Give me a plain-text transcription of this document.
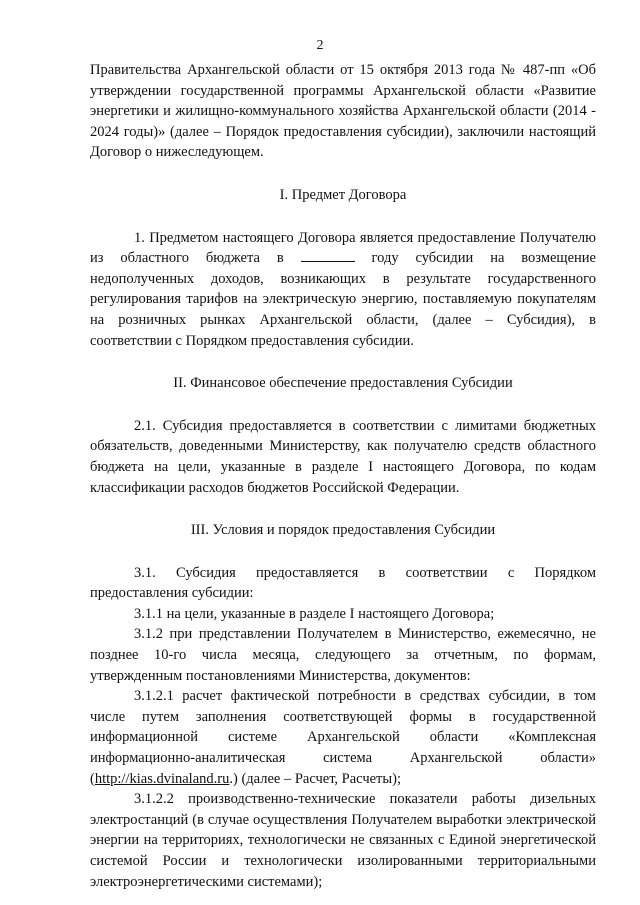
2

Правительства Архангельской области от 15 октября 2013 года № 487-пп «Об утверждении государственной программы Архангельской области «Развитие энергетики и жилищно-коммунального хозяйства Архангельской области (2014 - 2024 годы)» (далее – Порядок предоставления субсидии), заключили настоящий Договор о нижеследующем.

I. Предмет Договора

1. Предметом настоящего Договора является предоставление Получателю из областного бюджета в	году субсидии на возмещение недополученных доходов, возникающих в результате государственного регулирования тарифов на электрическую энергию, поставляемую покупателям на розничных рынках Архангельской области, (далее – Субсидия), в соответствии с Порядком предоставления субсидии.

II. Финансовое обеспечение предоставления Субсидии

2.1. Субсидия предоставляется в соответствии с лимитами бюджетных обязательств, доведенными Министерству, как получателю средств областного бюджета на цели, указанные в разделе I настоящего Договора, по кодам классификации расходов бюджетов Российской Федерации.

III. Условия и порядок предоставления Субсидии

3.1. Субсидия предоставляется в соответствии с Порядком предоставления субсидии:

3.1.1 на цели, указанные в разделе I настоящего Договора;

3.1.2 при представлении Получателем в Министерство, ежемесячно, не позднее 10-го числа месяца, следующего за отчетным, по формам, утвержденным постановлениями Министерства, документов:

3.1.2.1 расчет фактической потребности в средствах субсидии, в том числе путем заполнения соответствующей формы в государственной информационной системе Архангельской области «Комплексная информационно-аналитическая система Архангельской области» (http://kias.dvinaland.ru.) (далее – Расчет, Расчеты);

3.1.2.2 производственно-технические показатели работы дизельных электростанций (в случае осуществления Получателем выработки электрической энергии на территориях, технологически не связанных с Единой энергетической системой России и технологически изолированными территориальными электроэнергетическими системами);
